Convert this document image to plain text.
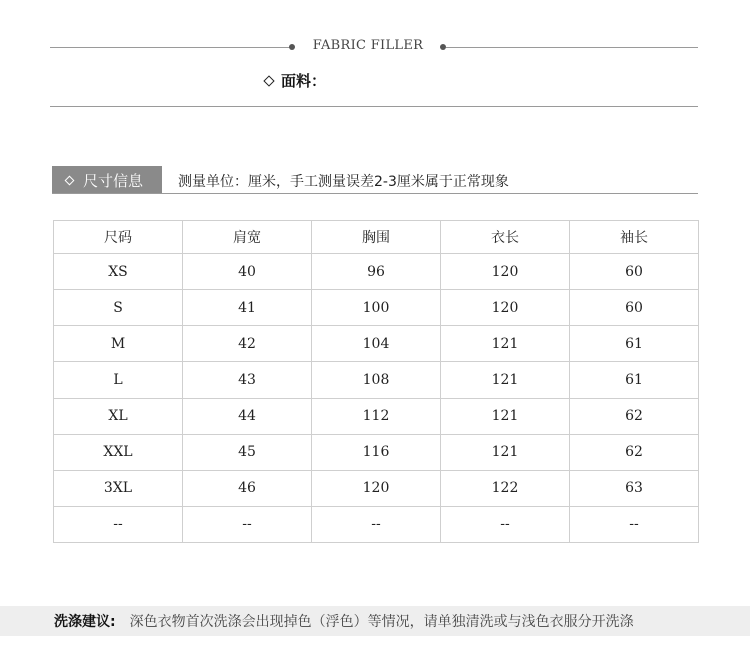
FABRIC FILLER
面料：
尺寸信息 测量单位：厘米，手工测量误差2-3厘米属于正常现象
尺码	肩宽	胸围	衣长	袖长
XS	40	96	120	60
S	41	100	120	60
M	42	104	121	61
L	43	108	121	61
XL	44	112	121	62
XXL	45	116	121	62
3XL	46	120	122	63
--	--	--	--	--
洗涤建议: 深色衣物首次洗涤会出现掉色（浮色）等情况，请单独清洗或与浅色衣服分开洗涤
